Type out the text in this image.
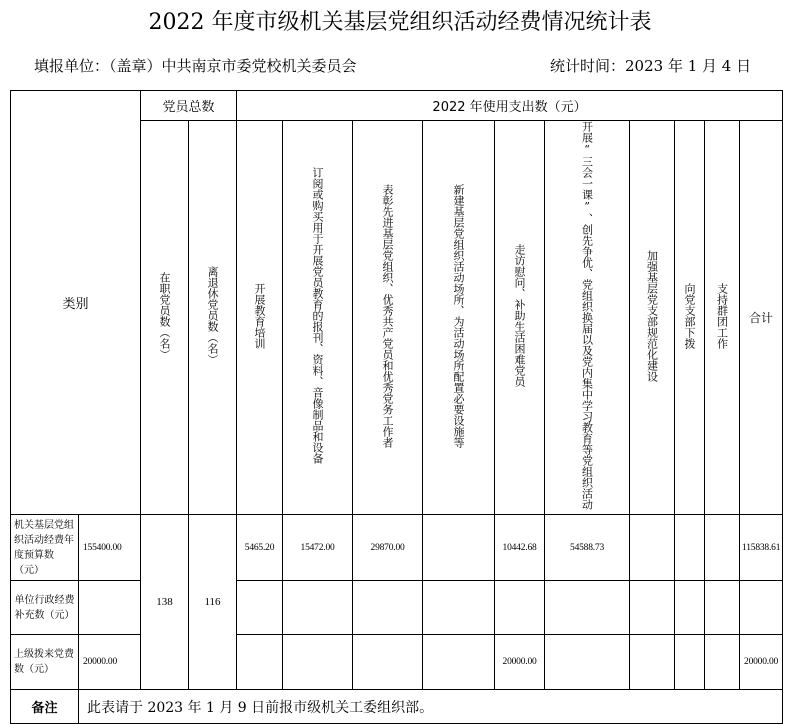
2022 年度市级机关基层党组织活动经费情况统计表
填报单位：（盖章）中共南京市委党校机关委员会	统计时间：2023 年 1 月 4 日
类别		党员总数		2022 年使用支出数（元）									
		在职党员数（名）	离退休党员数（名）	开展教育培训	订阅或购买用于开展党员教育的报刊、资料、音像制品和设备	表彰先进基层党组织、优秀共产党员和优秀党务工作者	新建基层党组织活动场所、为活动场所配置必要设施等	走访慰问、补助生活困难党员	开展“三会一课”、创先争优、党组织换届以及党内集中学习教育等党组织活动	加强基层党支部规范化建设	向党支部下拨	支持群团工作	合计
机关基层党组织活动经费年度预算数（元）	155400.00	138	116	5465.20	15472.00	29870.00		10442.68	54588.73				115838.61
单位行政经费补充数（元）													
上级拨来党费数（元）	20000.00							20000.00					20000.00
备注	此表请于 2023 年 1 月 9 日前报市级机关工委组织部。												
